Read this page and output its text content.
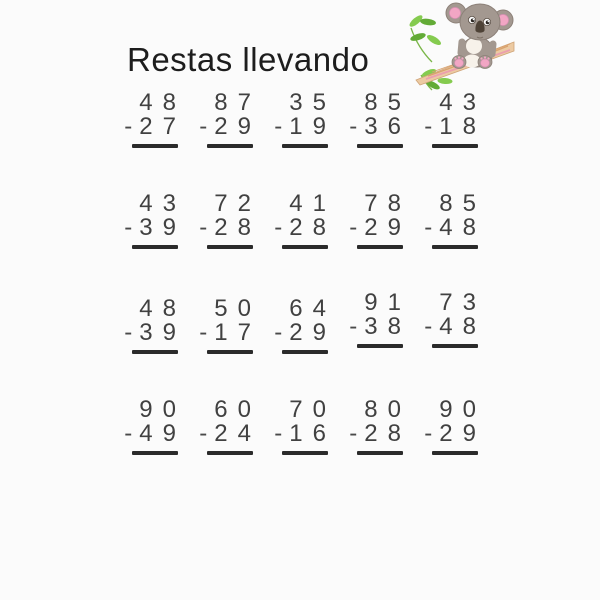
Restas llevando
48
- 27
87
- 29
35
- 19
85
- 36
43
- 18
43
- 39
72
- 28
41
- 28
78
- 29
85
- 48
48
- 39
50
- 17
64
- 29
91
- 38
73
- 48
90
- 49
60
- 24
70
- 16
80
- 28
90
- 29
